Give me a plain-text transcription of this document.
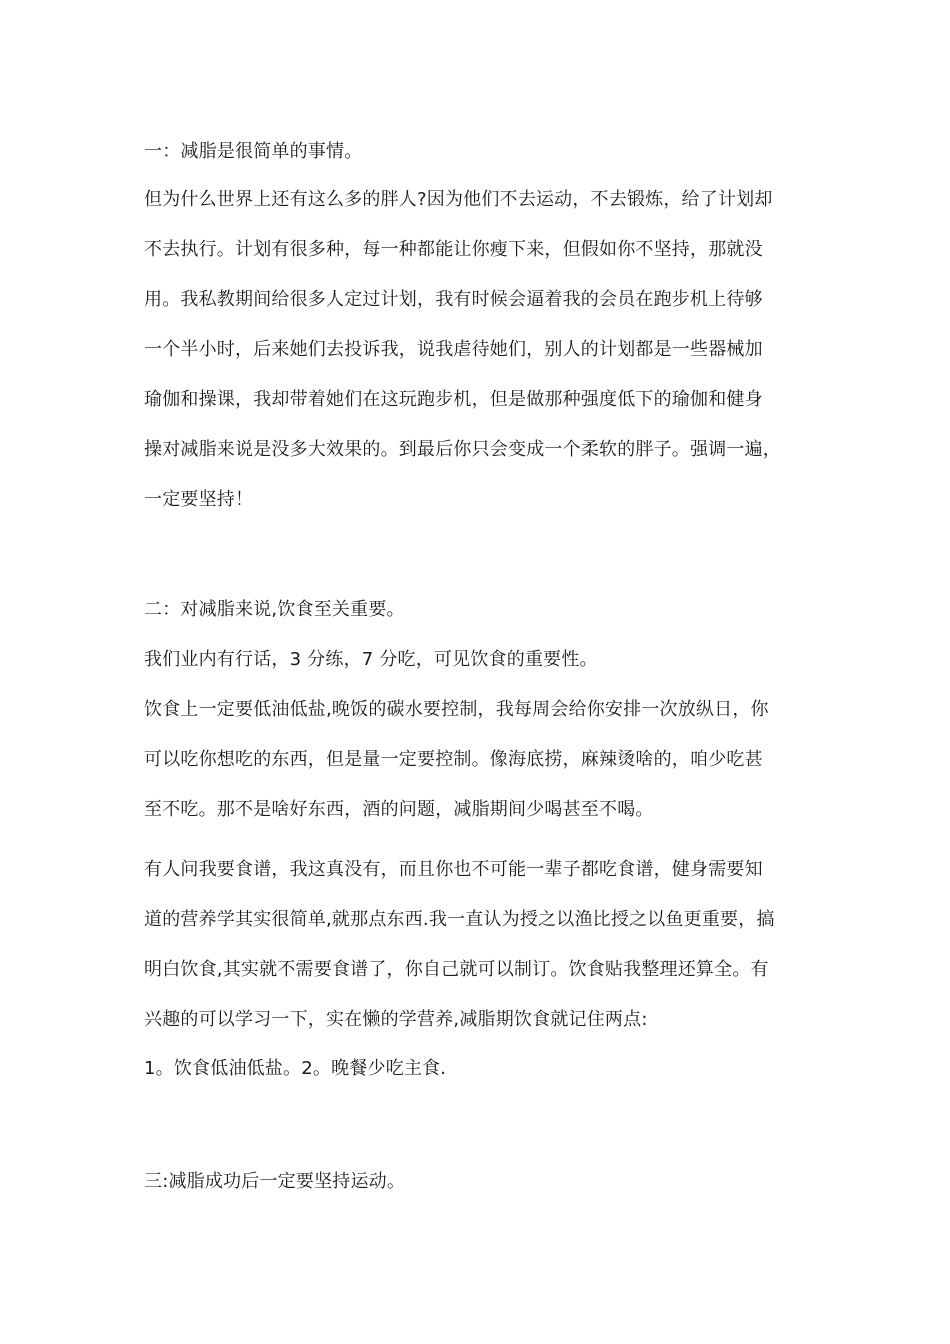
一：减脂是很简单的事情。
但为什么世界上还有这么多的胖人?因为他们不去运动，不去锻炼，给了计划却
不去执行。计划有很多种，每一种都能让你瘦下来，但假如你不坚持，那就没
用。我私教期间给很多人定过计划，我有时候会逼着我的会员在跑步机上待够
一个半小时，后来她们去投诉我，说我虐待她们，别人的计划都是一些器械加
瑜伽和操课，我却带着她们在这玩跑步机，但是做那种强度低下的瑜伽和健身
操对减脂来说是没多大效果的。到最后你只会变成一个柔软的胖子。强调一遍，
一定要坚持！
二：对减脂来说,饮食至关重要。
我们业内有行话，3 分练，7 分吃，可见饮食的重要性。
饮食上一定要低油低盐,晚饭的碳水要控制，我每周会给你安排一次放纵日，你
可以吃你想吃的东西，但是量一定要控制。像海底捞，麻辣烫啥的，咱少吃甚
至不吃。那不是啥好东西，酒的问题，减脂期间少喝甚至不喝。
有人问我要食谱，我这真没有，而且你也不可能一辈子都吃食谱，健身需要知
道的营养学其实很简单,就那点东西.我一直认为授之以渔比授之以鱼更重要，搞
明白饮食,其实就不需要食谱了，你自己就可以制订。饮食贴我整理还算全。有
兴趣的可以学习一下，实在懒的学营养,减脂期饮食就记住两点:
1。饮食低油低盐。2。晚餐少吃主食.
三:减脂成功后一定要坚持运动。
